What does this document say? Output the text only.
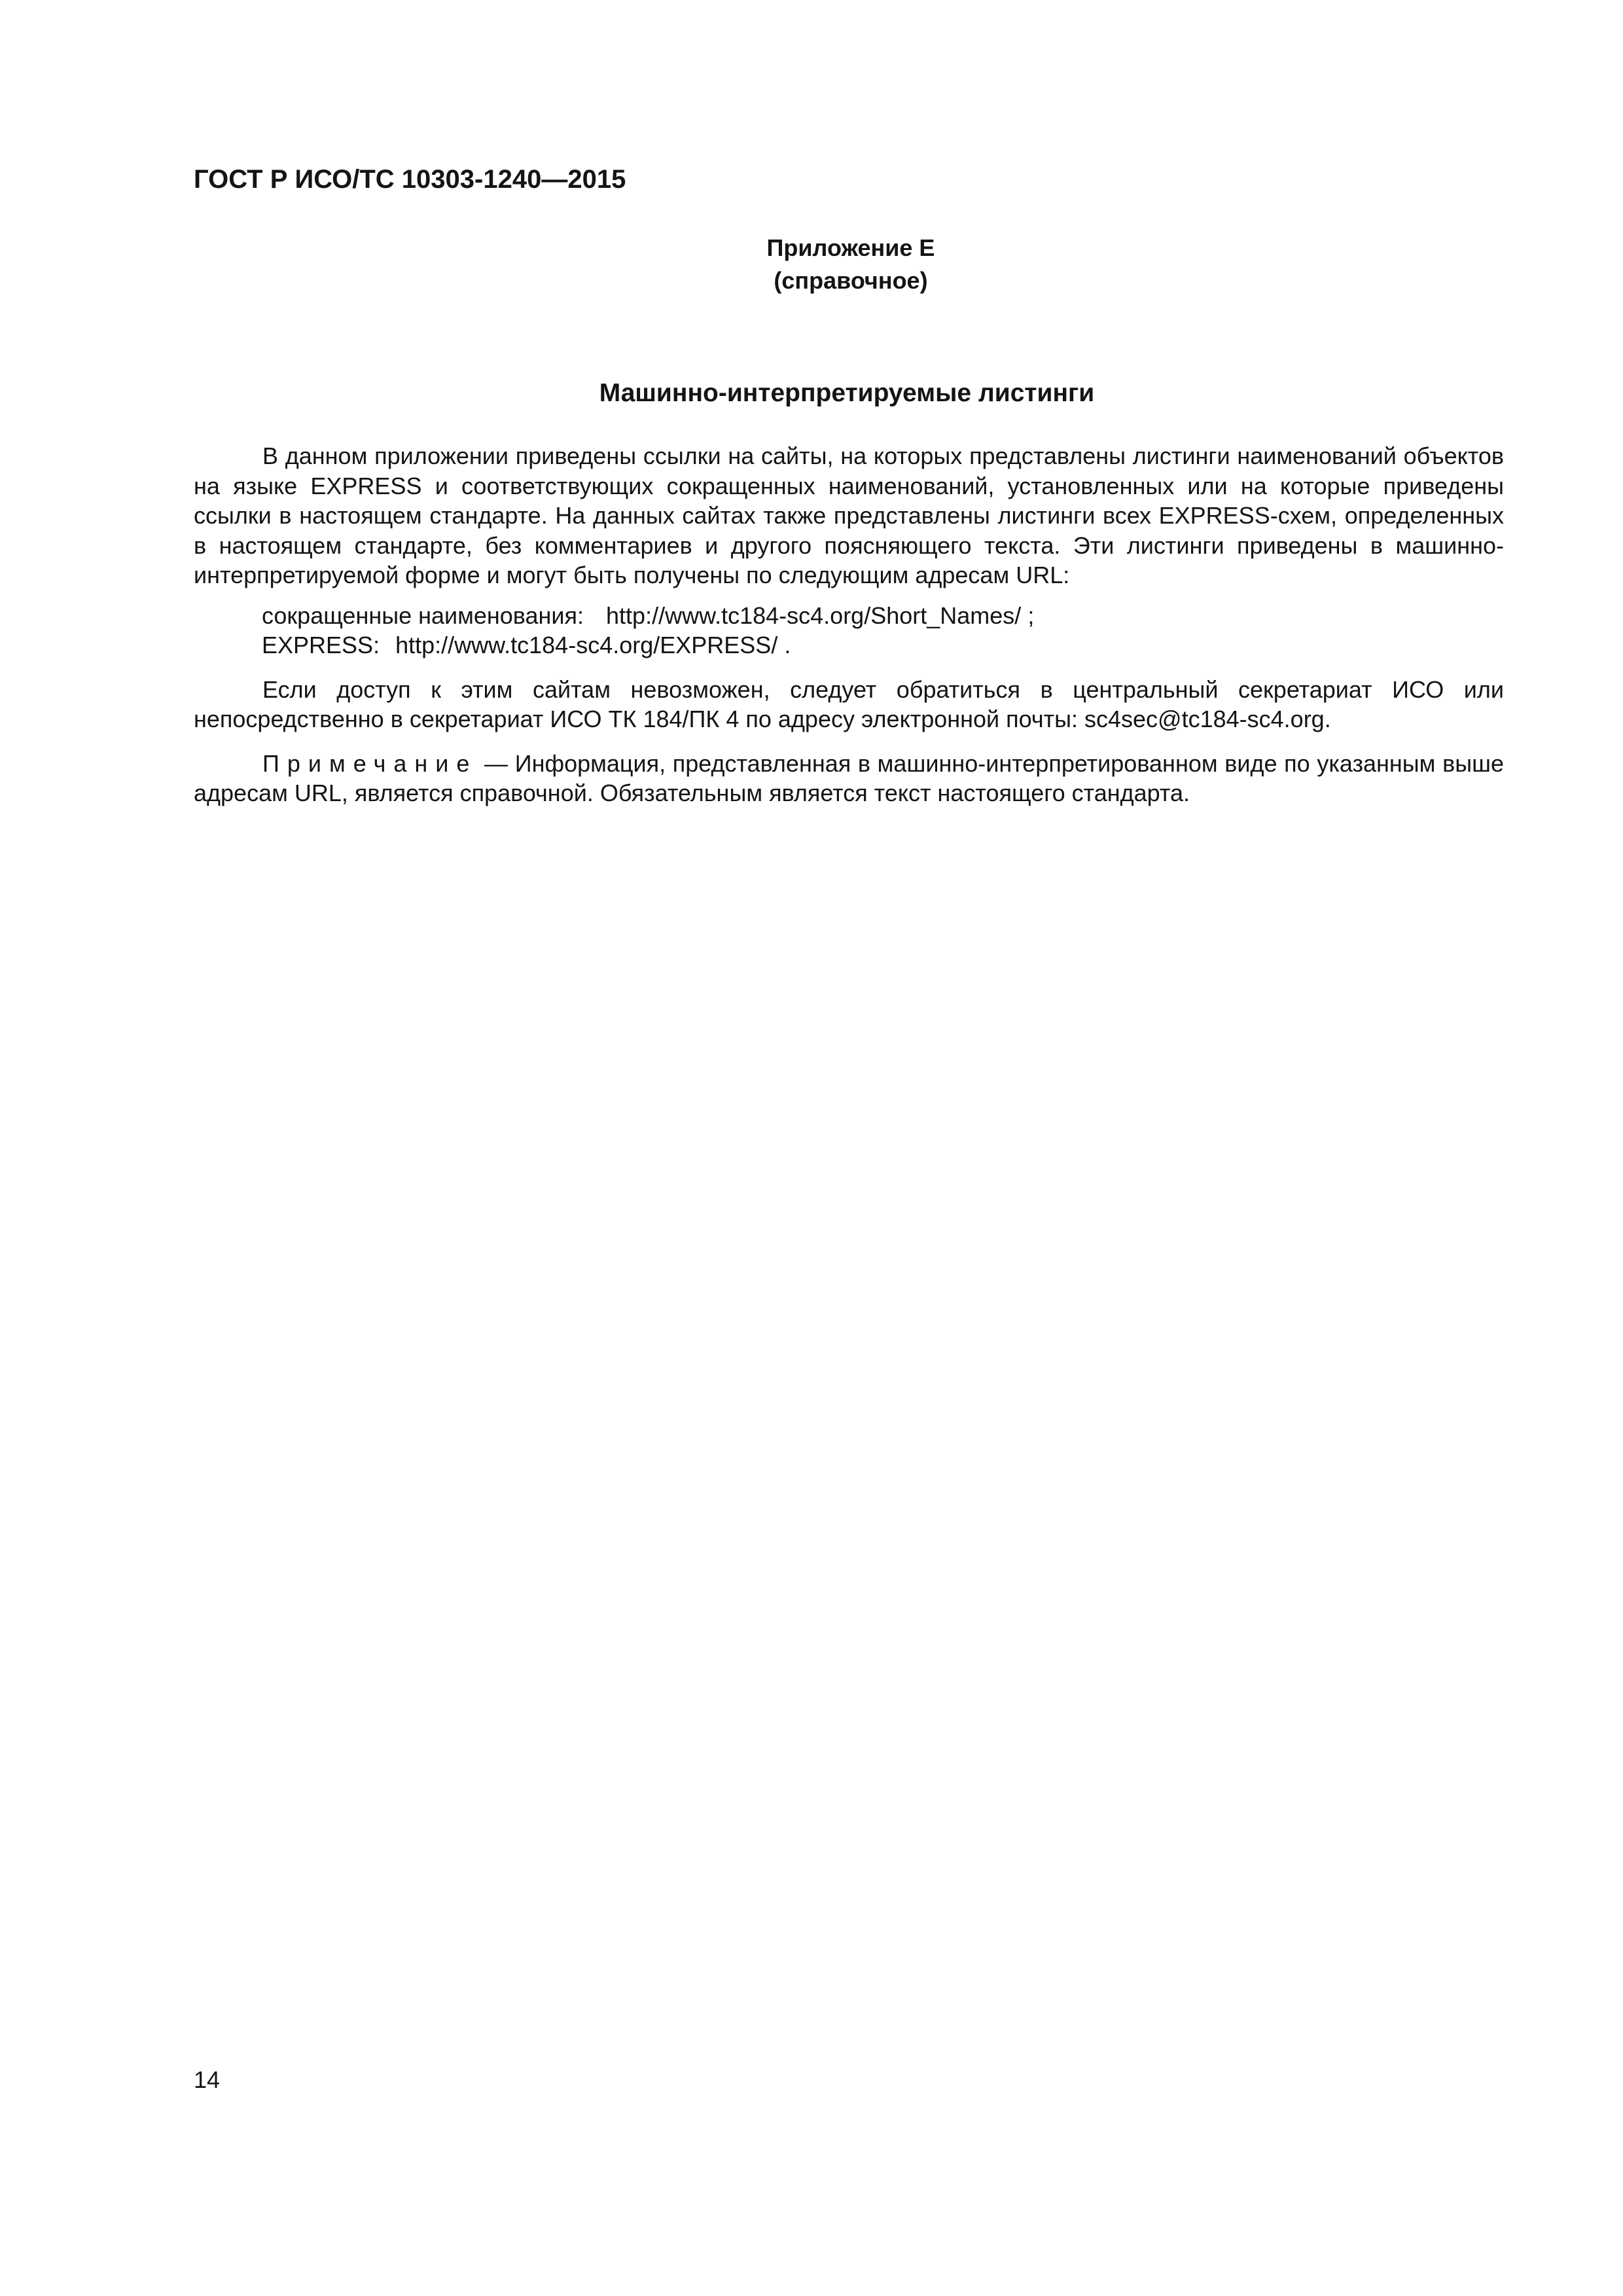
ГОСТ Р ИСО/ТС 10303-1240—2015
Приложение Е
(справочное)
Машинно-интерпретируемые листинги

В данном приложении приведены ссылки на сайты, на которых представлены листинги наименований объектов на языке EXPRESS и соответствующих сокращенных наименований, установленных или на которые приведены ссылки в настоящем стандарте. На данных сайтах также представлены листинги всех EXPRESS-схем, определенных в настоящем стандарте, без комментариев и другого поясняющего текста. Эти листинги приведены в машинно-интерпретируемой форме и могут быть получены по следующим адресам URL:

сокращенные наименования: http://www.tc184-sc4.org/Short_Names/ ;
EXPRESS: http://www.tc184-sc4.org/EXPRESS/ .

Если доступ к этим сайтам невозможен, следует обратиться в центральный секретариат ИСО или непосредственно в секретариат ИСО ТК 184/ПК 4 по адресу электронной почты: sc4sec@tc184-sc4.org.

Примечание — Информация, представленная в машинно-интерпретированном виде по указанным выше адресам URL, является справочной. Обязательным является текст настоящего стандарта.

14
